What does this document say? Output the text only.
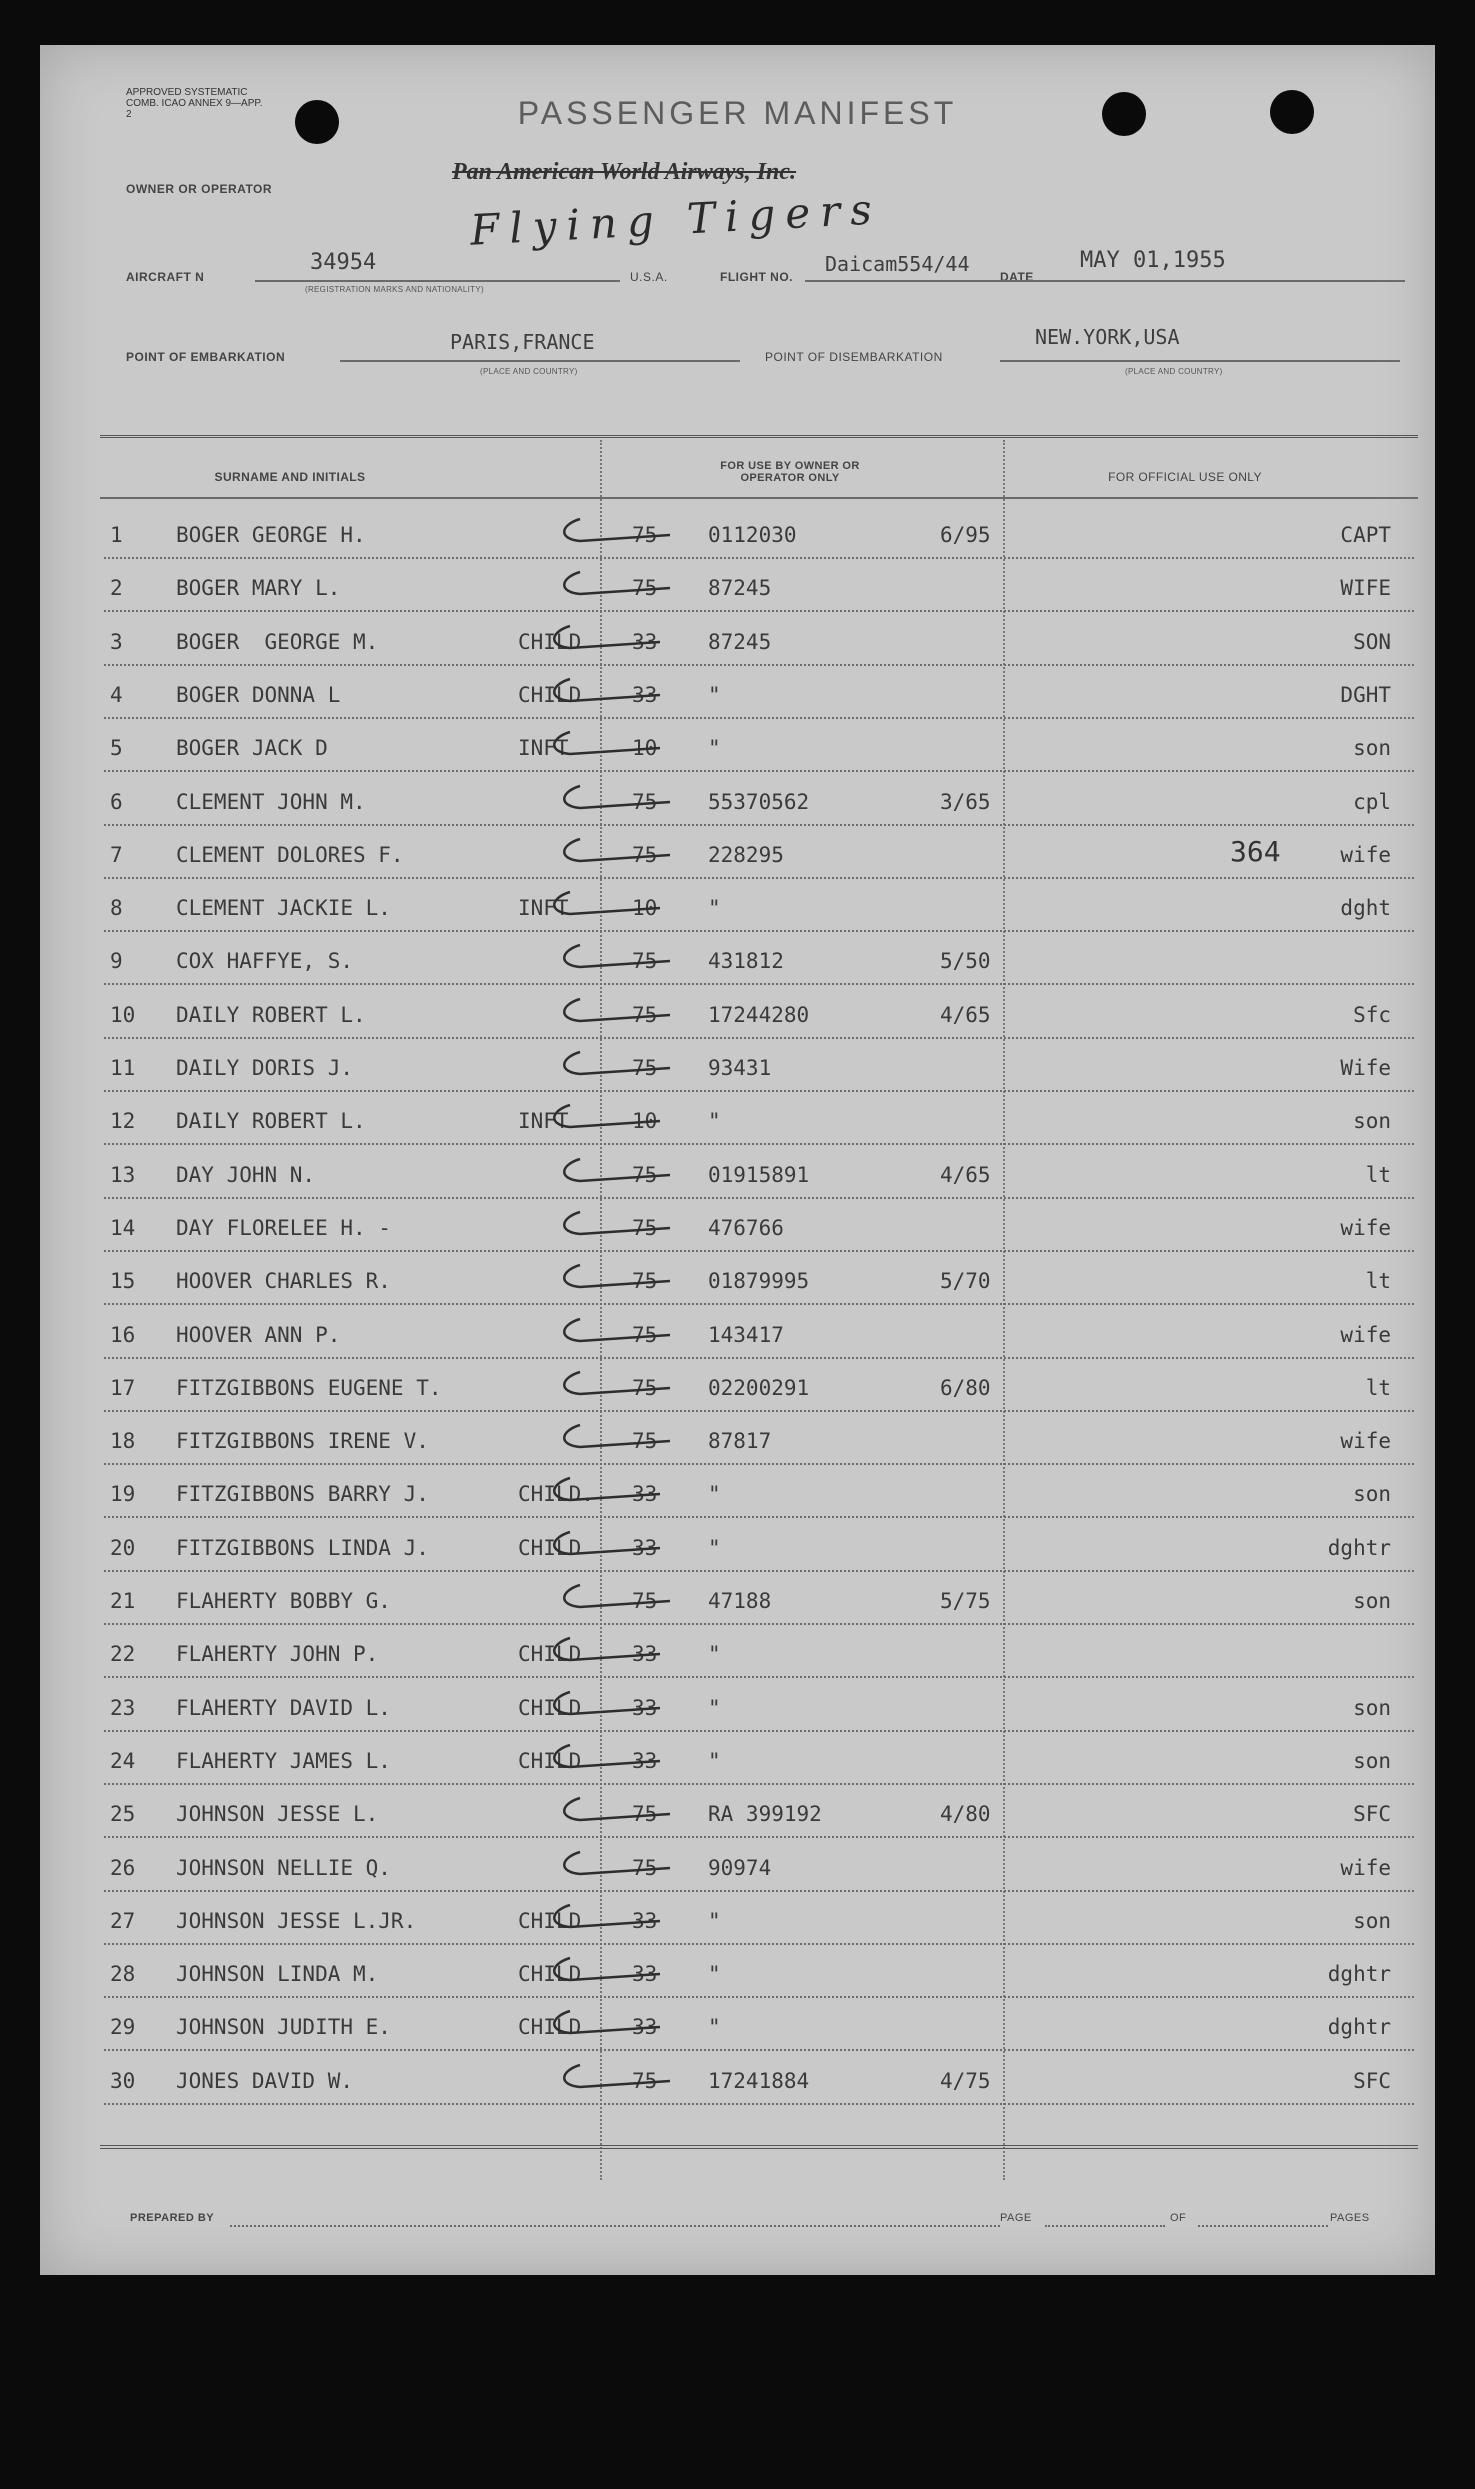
APPROVED SYSTEMATIC COMB. ICAO ANNEX 9—APP. 2	PASSENGER MANIFEST
OWNER OR OPERATOR
Pan American World Airways, Inc.
Flying Tigers
AIRCRAFT N
34954
(REGISTRATION MARKS AND NATIONALITY)
U.S.A.	FLIGHT NO.
Daicam554/44
DATE
MAY 01,1955
POINT OF EMBARKATION
PARIS,FRANCE
(PLACE AND COUNTRY)
POINT OF DISEMBARKATION
NEW.YORK,USA
(PLACE AND COUNTRY)
SURNAME AND INITIALS
FOR USE BY OWNER OR OPERATOR ONLY	FOR OFFICIAL USE ONLY
1	BOGER GEORGE H.	75 0112030	6/95	CAPT
2	BOGER MARY L.	75 87245	WIFE
3	BOGER  GEORGE M.	CHILD 33 87245	SON
4	BOGER DONNA L	CHILD 33 "	DGHT
5	BOGER JACK D	INFT	10 "	son
6	CLEMENT JOHN M.	75 55370562	3/65	cpl
7	CLEMENT DOLORES F.	75 228295	wife
364
8	CLEMENT JACKIE L.	INFT	10 "	dght
9	COX HAFFYE, S.	75 431812	5/50
10	DAILY ROBERT L.	75 17244280	4/65	Sfc
11	DAILY DORIS J.	75 93431	Wife
12	DAILY ROBERT L.	INFT	10 "	son
13	DAY JOHN N.	75 01915891	4/65	lt
14	DAY FLORELEE H. -	75 476766	wife
15	HOOVER CHARLES R.	75 01879995	5/70	lt
16	HOOVER ANN P.	75 143417	wife
17	FITZGIBBONS EUGENE T.	75 02200291	6/80	lt
18	FITZGIBBONS IRENE V.	75 87817	wife
19	FITZGIBBONS BARRY J.	CHILD. 33 "	son
20	FITZGIBBONS LINDA J.	CHILD 33 "	dghtr
21	FLAHERTY BOBBY G.	75 47188	5/75	son
22	FLAHERTY JOHN P.	CHILD 33 "
23	FLAHERTY DAVID L.	CHILD 33 "	son
24	FLAHERTY JAMES L.	CHILD 33 "	son
25	JOHNSON JESSE L.	75 RA 399192	4/80	SFC
26	JOHNSON NELLIE Q.	75 90974	wife
27	JOHNSON JESSE L.JR.	CHILD 33 "	son
28	JOHNSON LINDA M.	CHILD 33 "	dghtr
29	JOHNSON JUDITH E.	CHILD 33 "	dghtr
30	JONES DAVID W.	75 17241884	4/75	SFC
PREPARED BY	PAGE	OF	PAGES
